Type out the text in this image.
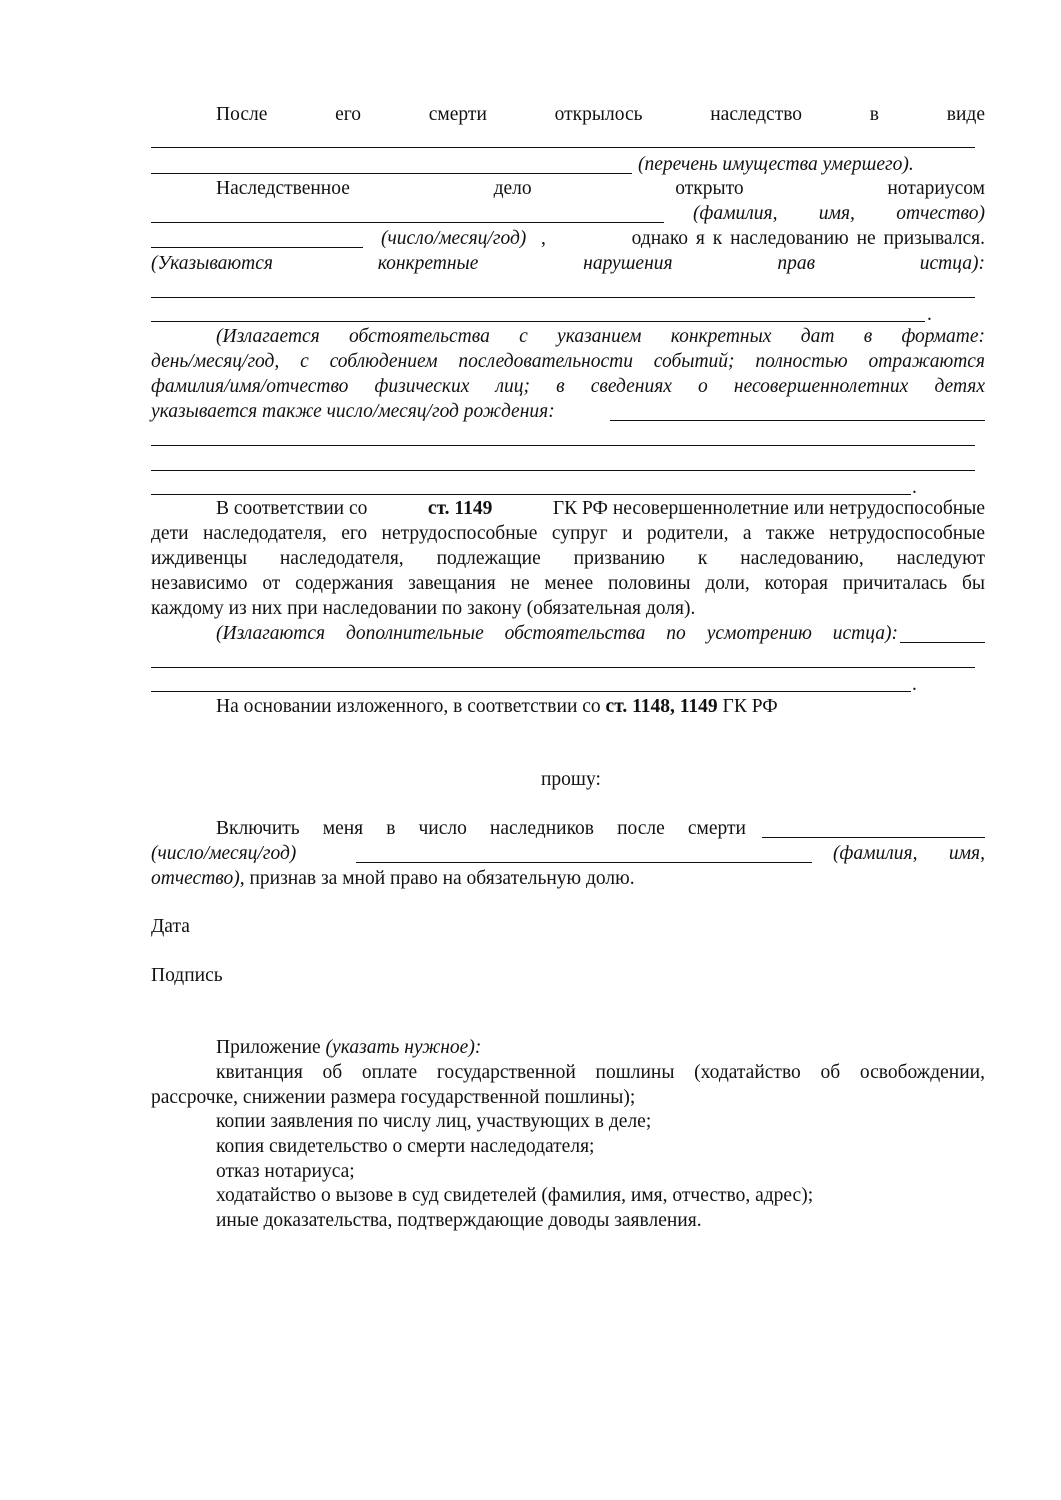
После	его	смерти	открылось	наследство	в	виде
(перечень имущества умершего).
Наследственное	дело	открыто	нотариусом
(фамилия, имя, отчество)
(число/месяц/год) ,	однако я к наследованию не призывался.
(Указываются	конкретные	нарушения	прав	истца):
.
(Излагается обстоятельства с указанием конкретных дат в формате:
день/месяц/год, с соблюдением последовательности событий; полностью отражаются
фамилия/имя/отчество физических лиц; в сведениях о несовершеннолетних детях
указывается также число/месяц/год рождения:
.
В соответствии со	ст. 1149	ГК РФ несовершеннолетние или нетрудоспособные
дети наследодателя, его нетрудоспособные супруг и родители, а также нетрудоспособные
иждивенцы наследодателя, подлежащие призванию к наследованию, наследуют
независимо от содержания завещания не менее половины доли, которая причиталась бы
каждому из них при наследовании по закону (обязательная доля).
(Излагаются дополнительные обстоятельства по усмотрению истца):
.
На основании изложенного, в соответствии со ст. 1148, 1149 ГК РФ
прошу:
Включить меня в число наследников после смерти
(число/месяц/год)	(фамилия, имя,
отчество), признав за мной право на обязательную долю.
Дата
Подпись
Приложение (указать нужное):
квитанция об оплате государственной пошлины (ходатайство об освобождении,
рассрочке, снижении размера государственной пошлины);
копии заявления по числу лиц, участвующих в деле;
копия свидетельство о смерти наследодателя;
отказ нотариуса;
ходатайство о вызове в суд свидетелей (фамилия, имя, отчество, адрес);
иные доказательства, подтверждающие доводы заявления.
